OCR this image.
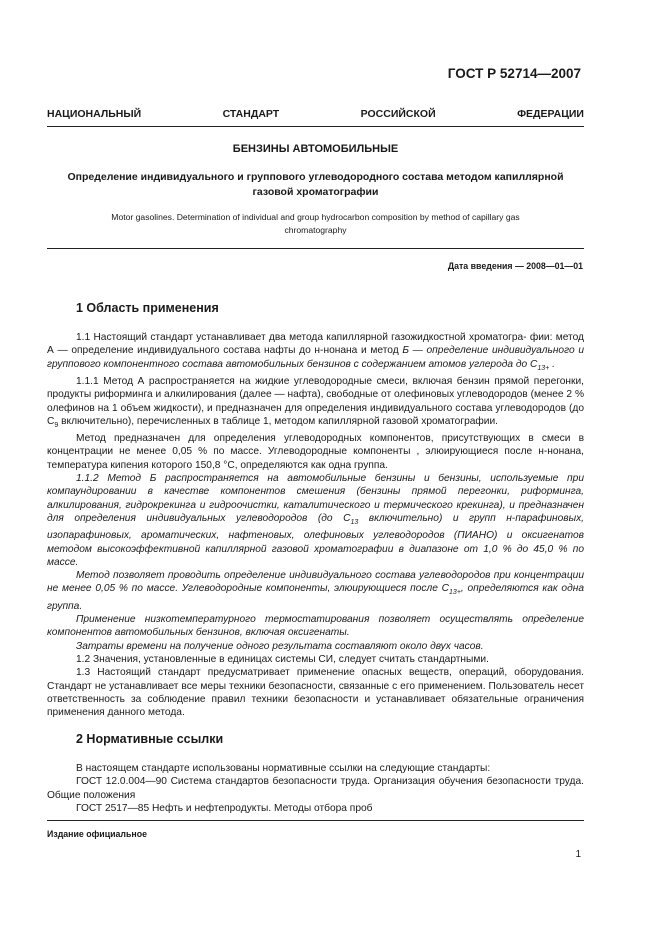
ГОСТ Р 52714—2007
НАЦИОНАЛЬНЫЙ	СТАНДАРТ	РОССИЙСКОЙ	ФЕДЕРАЦИИ
БЕНЗИНЫ АВТОМОБИЛЬНЫЕ
Определение индивидуального и группового углеводородного состава методом капиллярной
газовой хроматографии
Motor gasolines. Determination of individual and group hydrocarbon composition by method of capillary gas
chromatography
Дата введения — 2008—01—01
1 Область применения

1.1 Настоящий стандарт устанавливает два метода капиллярной газожидкостной хроматогра- фии: метод А — определение индивидуального состава нафты до н-нонана и метод Б — определение индивидуального и группового компонентного состава автомобильных бензинов с содержанием атомов углерода до $С_{13+}$ .

1.1.1 Метод А распространяется на жидкие углеводородные смеси, включая бензин прямой перегонки, продукты риформинга и алкилирования (далее — нафта), свободные от олефиновых углеводородов (менее 2 % олефинов на 1 объем жидкости), и предназначен для определения индивидуального состава углеводородов (до $С_9$ включительно), перечисленных в таблице 1, методом капиллярной газовой хроматографии.

Метод предназначен для определения углеводородных компонентов, присутствующих в смеси в концентрации не менее 0,05 % по массе. Углеводородные компоненты , элюирующиеся после н-нонана, температура кипения которого 150,8 °С, определяются как одна группа.

1.1.2 Метод Б распространяется на автомобильные бензины и бензины, используемые при компаундировании в качестве компонентов смешения (бензины прямой перегонки, риформинга, алкилирования, гидрокрекинга и гидроочистки, каталитического и термического крекинга), и предназначен для определения индивидуальных углеводородов (до $С_{13}$ включительно) и групп н-парафиновых, изопарафиновых, ароматических, нафтеновых, олефиновых углеводородов (ПИАНО) и оксигенатов методом высокоэффективной капиллярной газовой хроматографии в диапазоне от 1,0 % до 45,0 % по массе.

Метод позволяет проводить определение индивидуального состава углеводородов при концентрации не менее 0,05 % по массе. Углеводородные компоненты, элюирующиеся после $С_{13+}$, определяются как одна группа.

Применение низкотемпературного термостатирования позволяет осуществлять определение компонентов автомобильных бензинов, включая оксигенаты.

Затраты времени на получение одного результата составляют около двух часов.

1.2 Значения, установленные в единицах системы СИ, следует считать стандартными.

1.3 Настоящий стандарт предусматривает применение опасных веществ, операций, оборудования. Стандарт не устанавливает все меры техники безопасности, связанные с его применением. Пользователь несет ответственность за соблюдение правил техники безопасности и устанавливает обязательные ограничения применения данного метода.

2 Нормативные ссылки

В настоящем стандарте использованы нормативные ссылки на следующие стандарты:

ГОСТ 12.0.004—90 Система стандартов безопасности труда. Организация обучения безопасности труда. Общие положения

ГОСТ 2517—85 Нефть и нефтепродукты. Методы отбора проб

Издание официальное
1
